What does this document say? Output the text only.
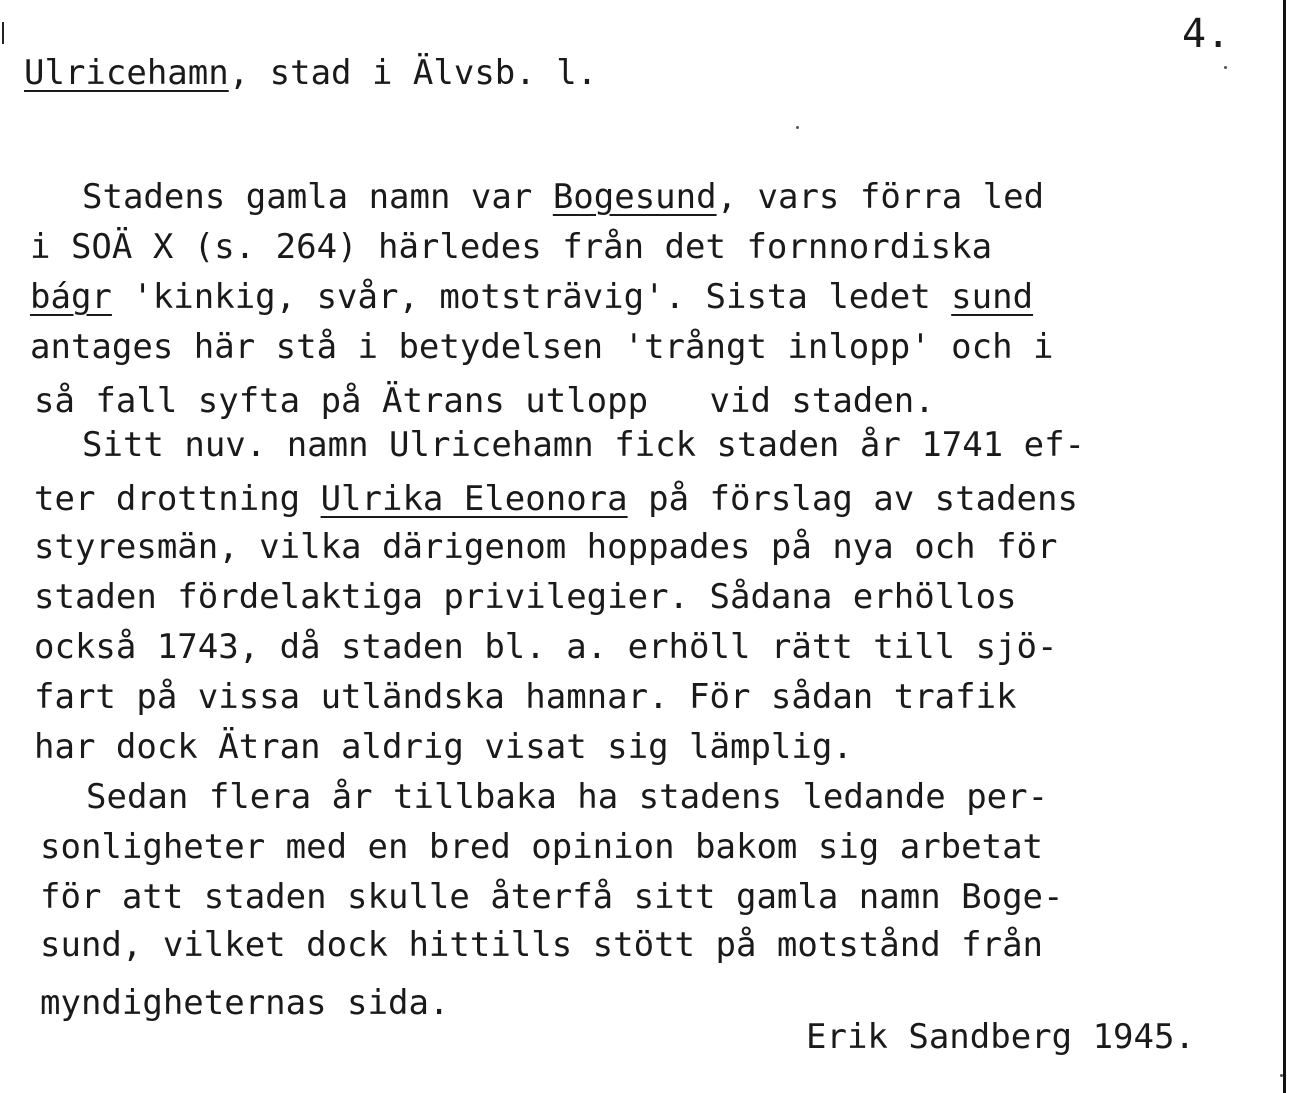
4.
Ulricehamn, stad i Älvsb. l.
Stadens gamla namn var Bogesund, vars förra led
i SOÄ X (s. 264) härledes från det fornnordiska
bágr 'kinkig, svår, motsträvig'. Sista ledet sund
antages här stå i betydelsen 'trångt inlopp' och i
så fall syfta på Ätrans utlopp   vid staden.
Sitt nuv. namn Ulricehamn fick staden år 1741 ef-
ter drottning Ulrika Eleonora på förslag av stadens
styresmän, vilka därigenom hoppades på nya och för
staden fördelaktiga privilegier. Sådana erhöllos
också 1743, då staden bl. a. erhöll rätt till sjö-
fart på vissa utländska hamnar. För sådan trafik
har dock Ätran aldrig visat sig lämplig.
Sedan flera år tillbaka ha stadens ledande per-
sonligheter med en bred opinion bakom sig arbetat
för att staden skulle återfå sitt gamla namn Boge-
sund, vilket dock hittills stött på motstånd från
myndigheternas sida.
Erik Sandberg 1945.
